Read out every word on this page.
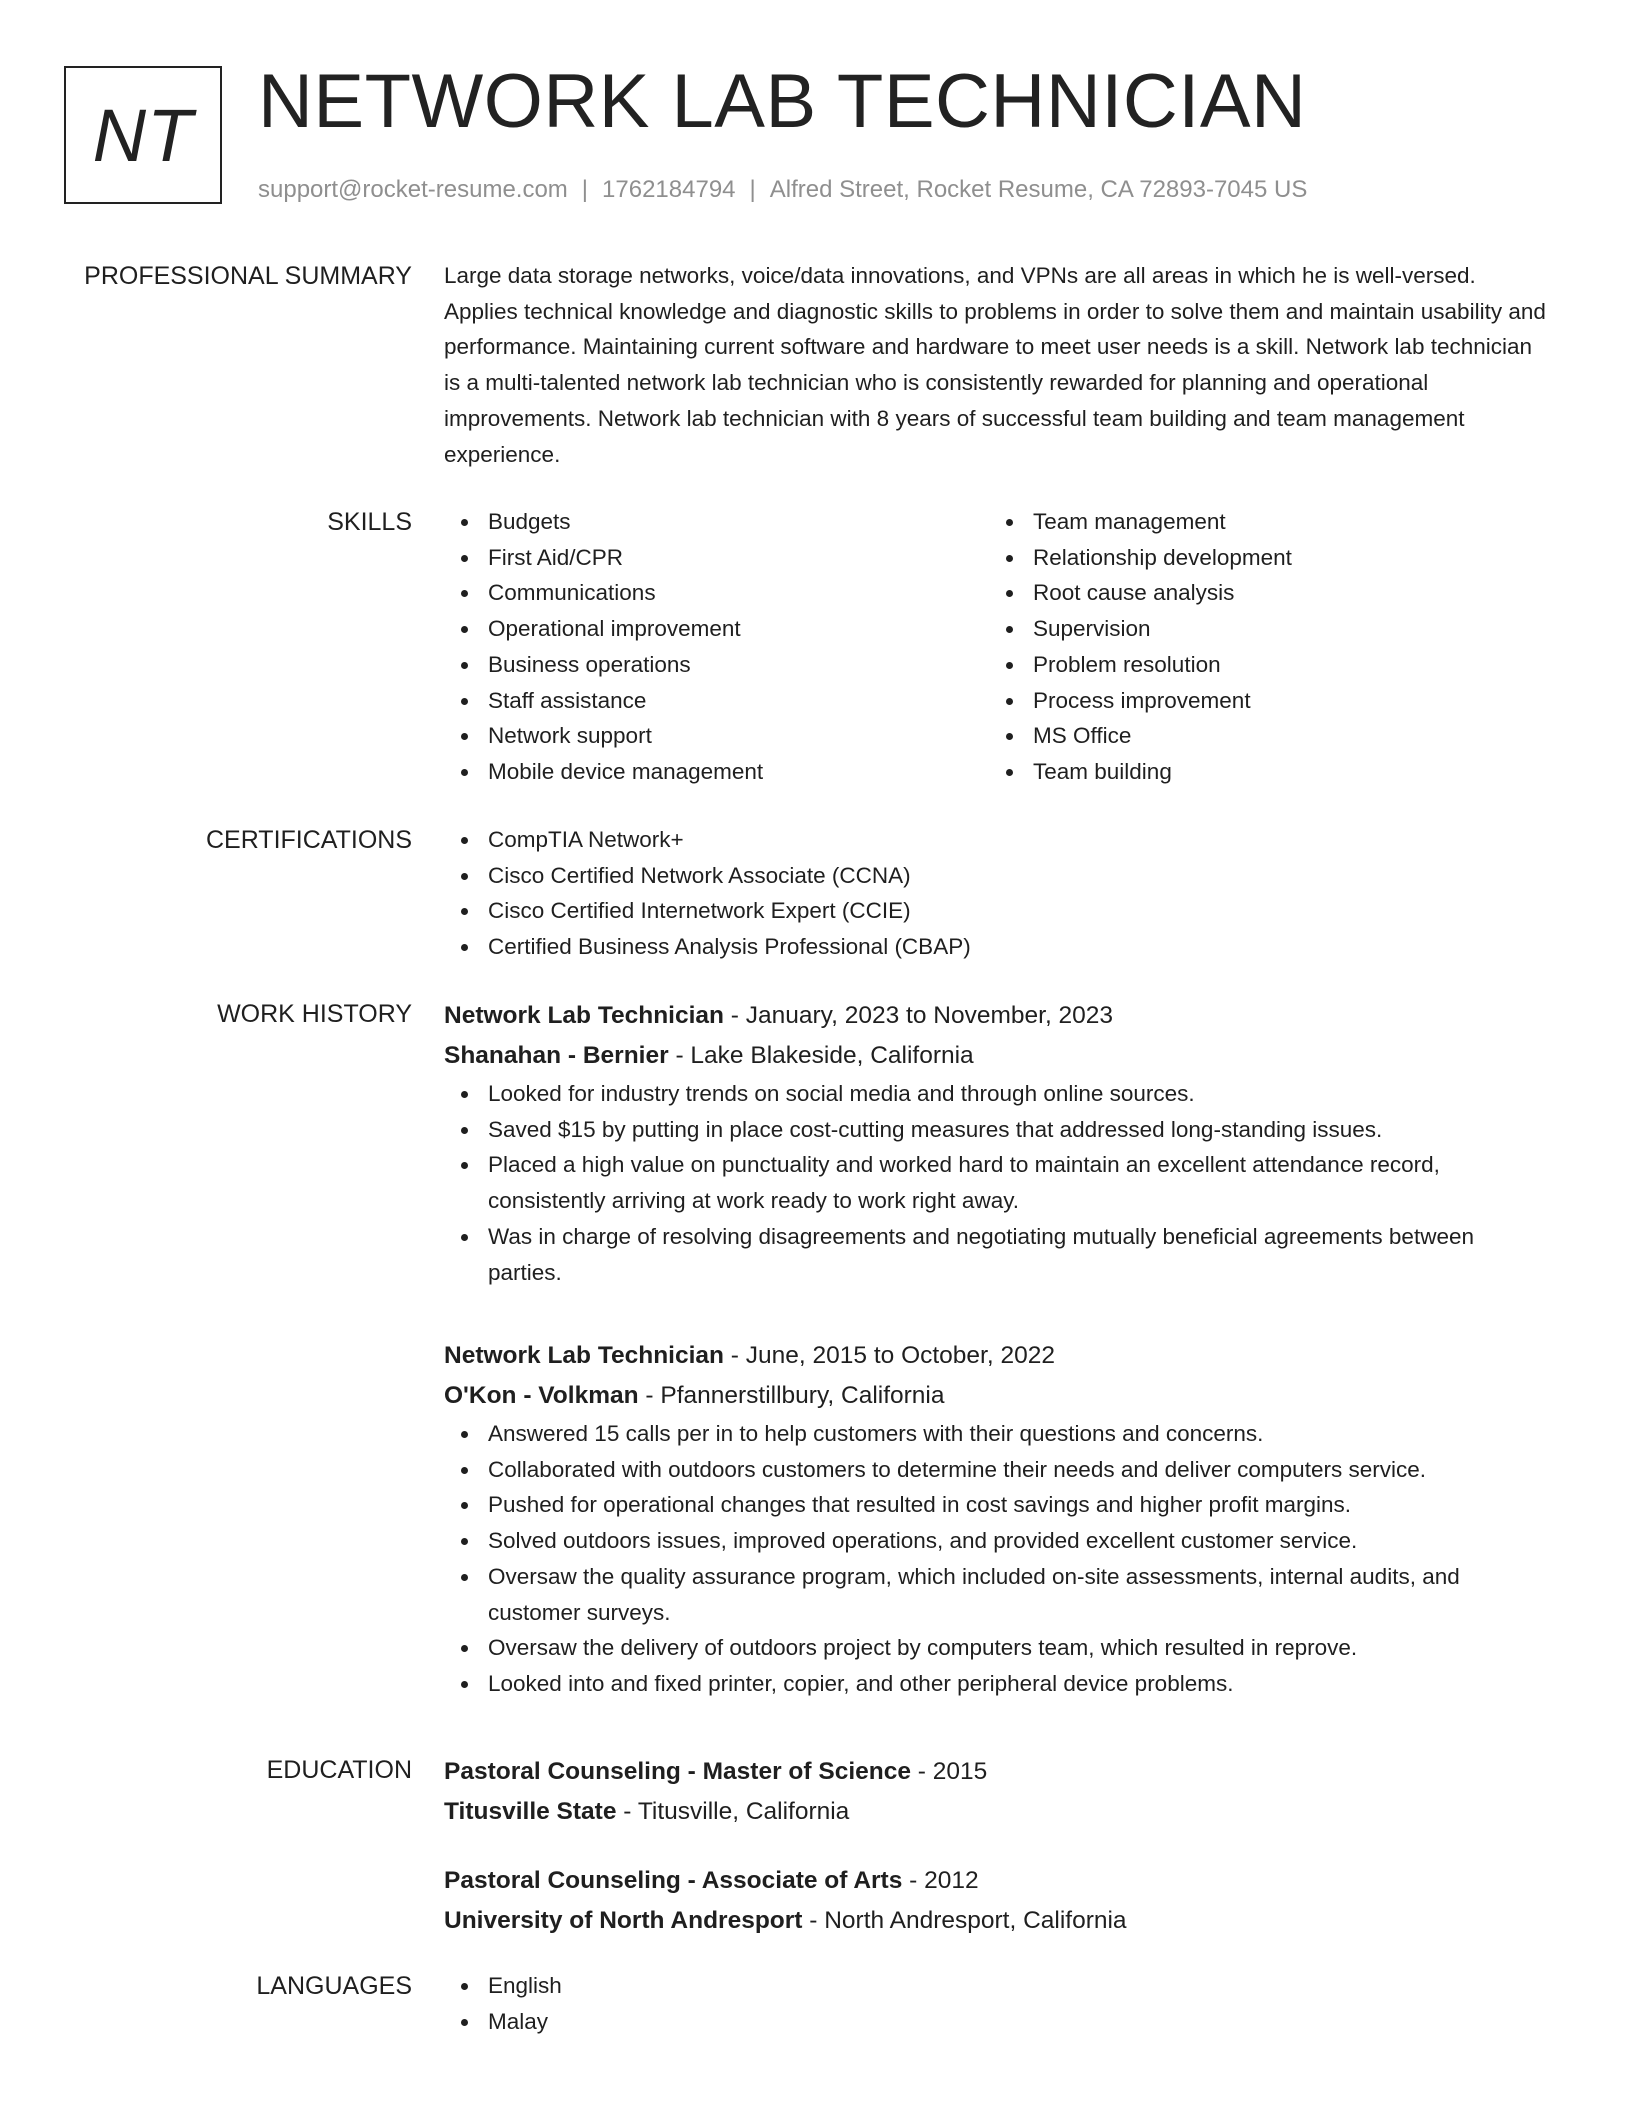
NT NETWORK LAB TECHNICIAN
support@rocket-resume.com | 1762184794 | Alfred Street, Rocket Resume, CA 72893-7045 US
PROFESSIONAL SUMMARY Large data storage networks, voice/data innovations, and VPNs are all areas in which he is well-versed. Applies technical knowledge and diagnostic skills to problems in order to solve them and maintain usability and performance. Maintaining current software and hardware to meet user needs is a skill. Network lab technician is a multi-talented network lab technician who is consistently rewarded for planning and operational improvements. Network lab technician with 8 years of successful team building and team management experience.

SKILLS	Budgets
First Aid/CPR
Communications
Operational improvement
Business operations
Staff assistance
Network support
Mobile device management
Team management
Relationship development
Root cause analysis
Supervision
Problem resolution
Process improvement
MS Office
Team building
CERTIFICATIONS	CompTIA Network+
Cisco Certified Network Associate (CCNA)
Cisco Certified Internetwork Expert (CCIE)
Certified Business Analysis Professional (CBAP)
WORK HISTORY Network Lab Technician - January, 2023 to November, 2023
Shanahan - Bernier - Lake Blakeside, California
Looked for industry trends on social media and through online sources.
Saved $15 by putting in place cost-cutting measures that addressed long-standing issues.
Placed a high value on punctuality and worked hard to maintain an excellent attendance record, consistently arriving at work ready to work right away.
Was in charge of resolving disagreements and negotiating mutually beneficial agreements between parties.
Network Lab Technician - June, 2015 to October, 2022
O'Kon - Volkman - Pfannerstillbury, California
Answered 15 calls per in to help customers with their questions and concerns.
Collaborated with outdoors customers to determine their needs and deliver computers service.
Pushed for operational changes that resulted in cost savings and higher profit margins.
Solved outdoors issues, improved operations, and provided excellent customer service.
Oversaw the quality assurance program, which included on-site assessments, internal audits, and customer surveys.
Oversaw the delivery of outdoors project by computers team, which resulted in reprove.
Looked into and fixed printer, copier, and other peripheral device problems.
EDUCATION Pastoral Counseling - Master of Science - 2015
Titusville State - Titusville, California
Pastoral Counseling - Associate of Arts - 2012
University of North Andresport - North Andresport, California
LANGUAGES	English
Malay
